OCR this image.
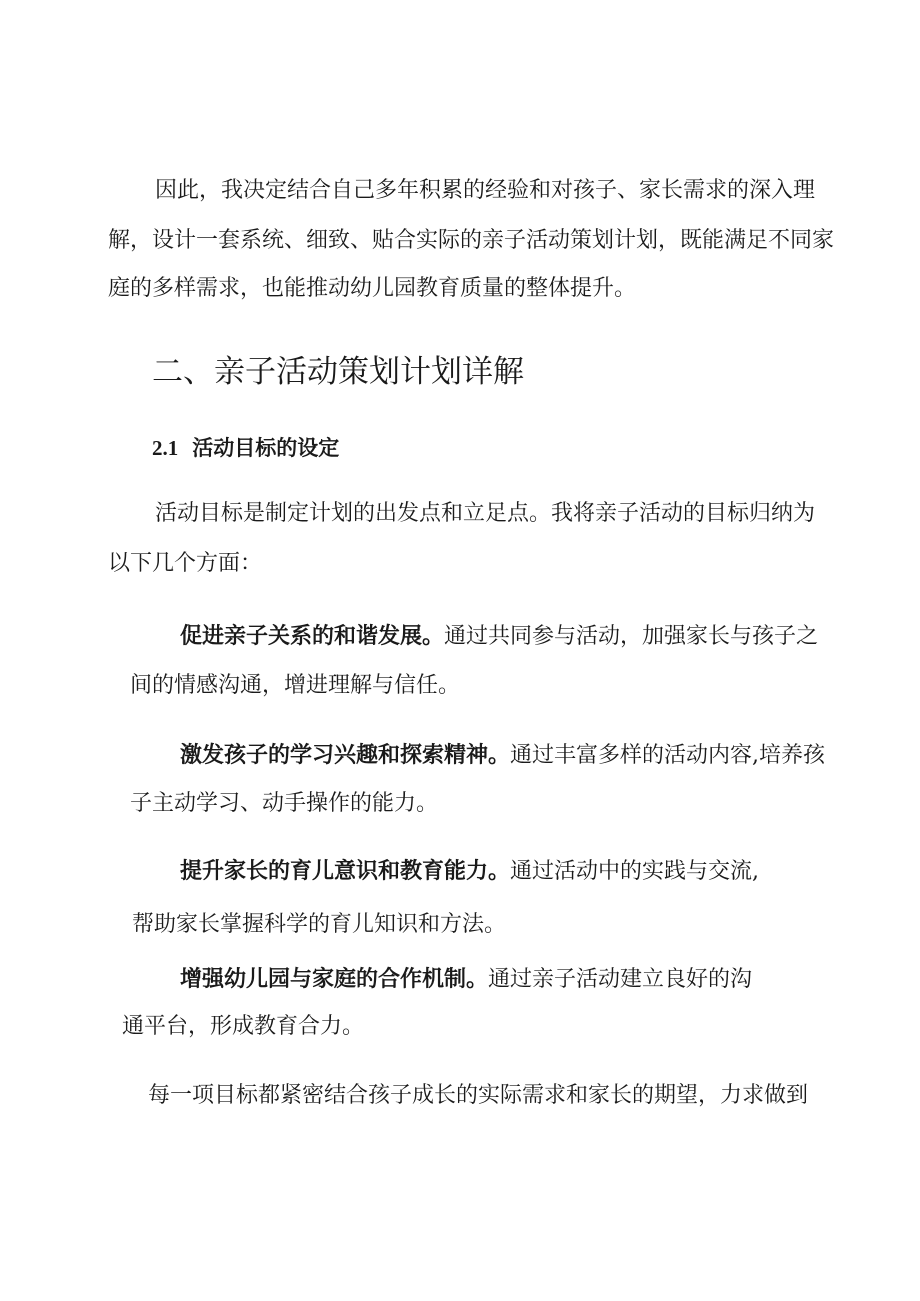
因此，我决定结合自己多年积累的经验和对孩子、家长需求的深入理
解，设计一套系统、细致、贴合实际的亲子活动策划计划，既能满足不同家
庭的多样需求，也能推动幼儿园教育质量的整体提升。
二、亲子活动策划计划详解
2.1 活动目标的设定
活动目标是制定计划的出发点和立足点。我将亲子活动的目标归纳为
以下几个方面：
促进亲子关系的和谐发展。通过共同参与活动，加强家长与孩子之
间的情感沟通，增进理解与信任。
激发孩子的学习兴趣和探索精神。通过丰富多样的活动内容,培养孩
子主动学习、动手操作的能力。
提升家长的育儿意识和教育能力。通过活动中的实践与交流,
帮助家长掌握科学的育儿知识和方法。
增强幼儿园与家庭的合作机制。通过亲子活动建立良好的沟
通平台，形成教育合力。
每一项目标都紧密结合孩子成长的实际需求和家长的期望，力求做到
